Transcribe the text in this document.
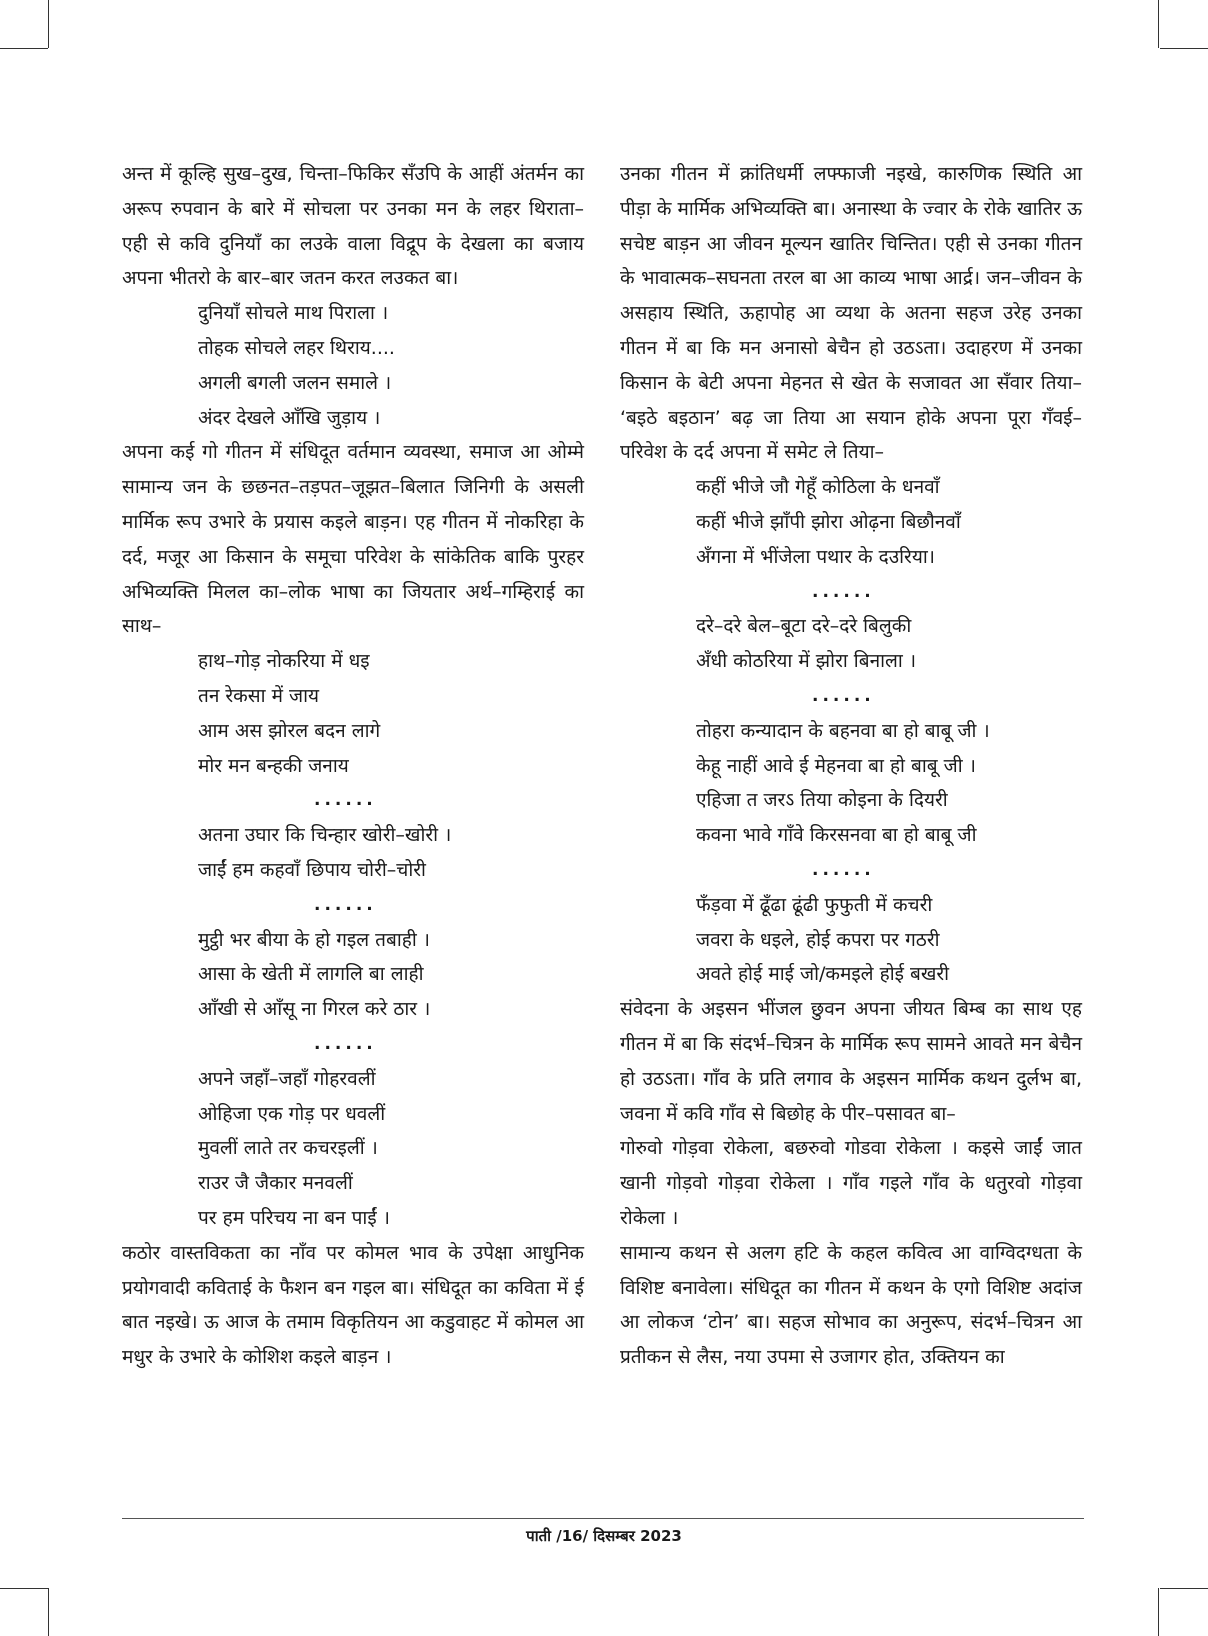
अन्त में कूल्हि सुख–दुख, चिन्ता–फिकिर सँउपि के आहीं अंतर्मन का अरूप रुपवान के बारे में सोचला पर उनका मन के लहर थिराता– एही से कवि दुनियाँ का लउके वाला विद्रूप के देखला का बजाय अपना भीतरो के बार–बार जतन करत लउकत बा।

दुनियाँ सोचले माथ पिराला ।
तोहक सोचले लहर थिराय....
अगली बगली जलन समाले ।
अंदर देखले आँखि जुड़ाय ।

अपना कई गो गीतन में संधिदूत वर्तमान व्यवस्था, समाज आ ओम्मे सामान्य जन के छछनत–तड़पत–जूझत–बिलात जिनिगी के असली मार्मिक रूप उभारे के प्रयास कइले बाड़न। एह गीतन में नोकरिहा के दर्द, मजूर आ किसान के समूचा परिवेश के सांकेतिक बाकि पुरहर अभिव्यक्ति मिलल का–लोक भाषा का जियतार अर्थ–गम्हिराई का साथ–

हाथ–गोड़ नोकरिया में धइ
तन रेकसा में जाय
आम अस झोरल बदन लागे
मोर मन बन्हकी जनाय

......

अतना उघार कि चिन्हार खोरी–खोरी ।
जाईं हम कहवाँ छिपाय चोरी–चोरी

......

मुट्ठी भर बीया के हो गइल तबाही ।
आसा के खेती में लागलि बा लाही
आँखी से आँसू ना गिरल करे ठार ।

......

अपने जहाँ–जहाँ गोहरवलीं
ओहिजा एक गोड़ पर धवलीं
मुवलीं लाते तर कचरइलीं ।
राउर जै जैकार मनवलीं
पर हम परिचय ना बन पाईं ।

कठोर वास्तविकता का नाँव पर कोमल भाव के उपेक्षा आधुनिक प्रयोगवादी कविताई के फैशन बन गइल बा। संधिदूत का कविता में ई बात नइखे। ऊ आज के तमाम विकृतियन आ कडुवाहट में कोमल आ मधुर के उभारे के कोशिश कइले बाड़न ।

उनका गीतन में क्रांतिधर्मी लफ्फाजी नइखे, कारुणिक स्थिति आ पीड़ा के मार्मिक अभिव्यक्ति बा। अनास्था के ज्वार के रोके खातिर ऊ सचेष्ट बाड़न आ जीवन मूल्यन खातिर चिन्तित। एही से उनका गीतन के भावात्मक–सघनता तरल बा आ काव्य भाषा आर्द्र। जन–जीवन के असहाय स्थिति, ऊहापोह आ व्यथा के अतना सहज उरेह उनका गीतन में बा कि मन अनासो बेचैन हो उठऽता। उदाहरण में उनका किसान के बेटी अपना मेहनत से खेत के सजावत आ सँवार तिया– ‘बइठे बइठान’ बढ़ जा तिया आ सयान होके अपना पूरा गँवई–परिवेश के दर्द अपना में समेट ले तिया–

कहीं भीजे जौ गेहूँ कोठिला के धनवाँ
कहीं भीजे झाँपी झोरा ओढ़ना बिछौनवाँ
अँगना में भींजेला पथार के दउरिया।

......

दरे–दरे बेल–बूटा दरे–दरे बिलुकी
अँधी कोठरिया में झोरा बिनाला ।

......

तोहरा कन्यादान के बहनवा बा हो बाबू जी ।
केहू नाहीं आवे ई मेहनवा बा हो बाबू जी ।
एहिजा त जरऽ तिया कोइना के दियरी
कवना भावे गाँवे किरसनवा बा हो बाबू जी

......

फँड़वा में ढूँढा ढूंढी फुफुती में कचरी
जवरा के धइले, होई कपरा पर गठरी
अवते होई माई जो/कमइले होई बखरी

संवेदना के अइसन भींजल छुवन अपना जीयत बिम्ब का साथ एह गीतन में बा कि संदर्भ–चित्रन के मार्मिक रूप सामने आवते मन बेचैन हो उठऽता। गाँव के प्रति लगाव के अइसन मार्मिक कथन दुर्लभ बा, जवना में कवि गाँव से बिछोह के पीर–पसावत बा–

गोरुवो गोड़वा रोकेला, बछरुवो गोडवा रोकेला । कइसे जाईं जात खानी गोड़वो गोड़वा रोकेला । गाँव गइले गाँव के धतुरवो गोड़वा रोकेला ।

सामान्य कथन से अलग हटि के कहल कवित्व आ वाग्विदग्धता के विशिष्ट बनावेला। संधिदूत का गीतन में कथन के एगो विशिष्ट अदांज आ लोकज ‘टोन’ बा। सहज सोभाव का अनुरूप, संदर्भ–चित्रन आ प्रतीकन से लैस, नया उपमा से उजागर होत, उक्तियन का

पाती /16/ दिसम्बर 2023
